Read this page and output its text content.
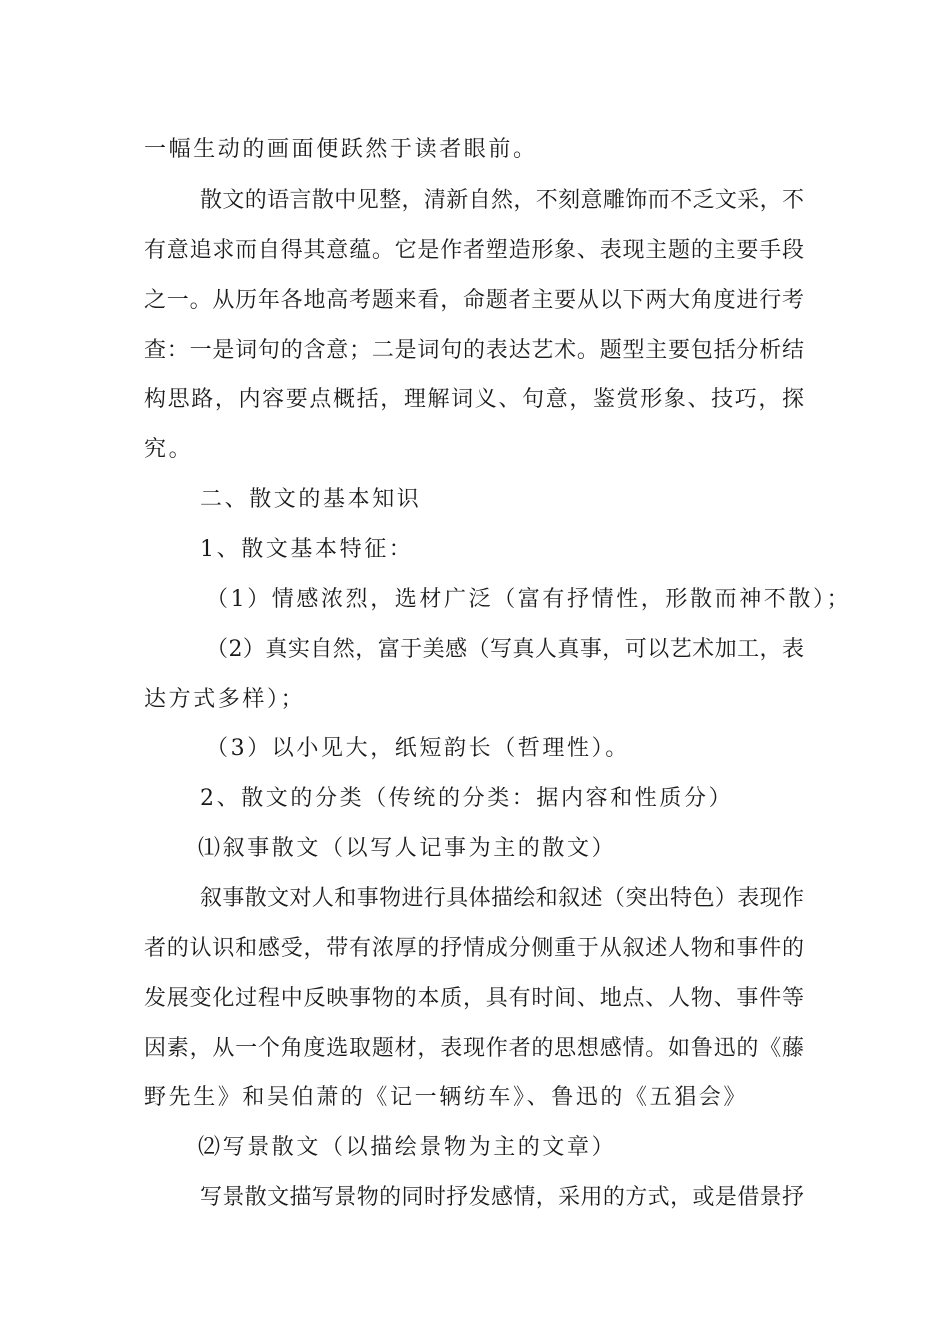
一幅生动的画面便跃然于读者眼前。

散文的语言散中见整，清新自然，不刻意雕饰而不乏文采，不

有意追求而自得其意蕴。它是作者塑造形象、表现主题的主要手段

之一。从历年各地高考题来看，命题者主要从以下两大角度进行考

查：一是词句的含意；二是词句的表达艺术。题型主要包括分析结

构思路，内容要点概括，理解词义、句意，鉴赏形象、技巧，探

究。

二、散文的基本知识

1、散文基本特征：

（1）情感浓烈，选材广泛（富有抒情性，形散而神不散）；

（2）真实自然，富于美感（写真人真事，可以艺术加工，表

达方式多样）；

（3）以小见大，纸短韵长（哲理性）。

2、散文的分类（传统的分类：据内容和性质分）

⑴叙事散文（以写人记事为主的散文）

叙事散文对人和事物进行具体描绘和叙述（突出特色）表现作

者的认识和感受，带有浓厚的抒情成分侧重于从叙述人物和事件的

发展变化过程中反映事物的本质，具有时间、地点、人物、事件等

因素，从一个角度选取题材，表现作者的思想感情。如鲁迅的《藤

野先生》和吴伯萧的《记一辆纺车》、鲁迅的《五猖会》

⑵写景散文（以描绘景物为主的文章）

写景散文描写景物的同时抒发感情，采用的方式，或是借景抒
